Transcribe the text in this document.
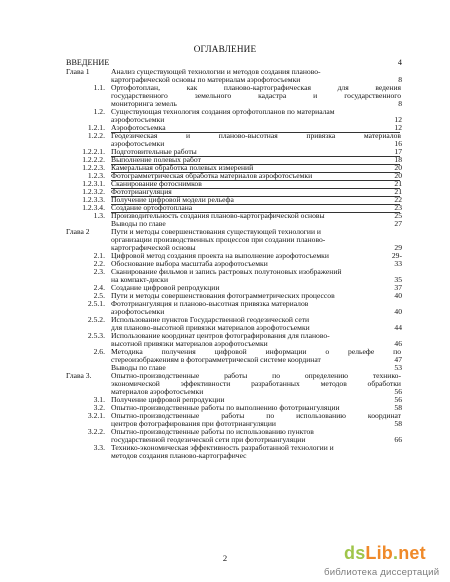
ОГЛАВЛЕНИЕ
ВВЕДЕНИЕ	4
Глава 1	Анализ существующей технологии и методов создания планово-
картографической основы по материалам аэрофотосъемки	8
1.1. Ортофотоплан, как планово-картографическая для ведения
государственного земельного кадастра и государственного
мониторинга земель	8
1.2. Существующая технология создания ортофотопланов по материалам
аэрофотосъемки	12
1.2.1. Аэрофотосъемка	12
1.2.2. Геодезическая и планово-высотная привязка материалов
аэрофотосъемки	16
1.2.2.1. Подготовительные работы	17
1.2.2.2. Выполнение полевых работ	18
1.2.2.3. Камеральная обработка полевых измерений	20
1.2.3. Фотограмметрическая обработка материалов аэрофотосъемки	20
1.2.3.1. Сканирование фотоснимков	21
1.2.3.2. Фототриангуляция	21
1.2.3.3. Получение цифровой модели рельефа	22
1.2.3.4. Создание ортофотоплана	23
1.3. Производительность создания планово-картографической основы	25
Выводы по главе	27
Глава 2	Пути и методы совершенствования существующей технологии и
организации производственных процессов при создании планово-
картографической основы	29
2.1. Цифровой метод создания проекта на выполнение аэрофотосъемки	29-
2.2. Обоснование выбора масштаба аэрофотосъемки	33
2.3. Сканирование фильмов и запись растровых полутоновых изображений
на компакт-диски	35
2.4. Создание цифровой репродукции	37
2.5. Пути и методы совершенствования фотограмметрических процессов	40
2.5.1. Фототриангуляция и планово-высотная привязка материалов
аэрофотосъемки	40
2.5.2. Использование пунктов Государственной геодезической сети
для планово-высотной привязки материалов аэрофотосъемки	44
2.5.3. Использование координат центров фотографирования для планово-
высотной привязки материалов аэрофотосъемки	46
2.6. Методика получения цифровой информации о рельефе по
стереоизображениям в фотограмметрической системе координат	47
Выводы по главе	53
Глава 3.	Опытно-производственные работы по определению технико-
экономической эффективности разработанных методов обработки
материалов аэрофотосъемки	56
3.1. Получение цифровой репродукции	56
3.2. Опытно-производственные работы по выполнению фототриангуляции	58
3.2.1. Опытно-производственные работы по использованию координат
центров фотографирования при фототриангуляции	58
3.2.2. Опытно-производственные работы по использованию пунктов
государственной геодезической сети при фототриангуляции	66
3.3. Технико-экономическая эффективность разработанной технологии и
методов создания планово-картографичес
2	dsLib.net
библиотека диссертаций
